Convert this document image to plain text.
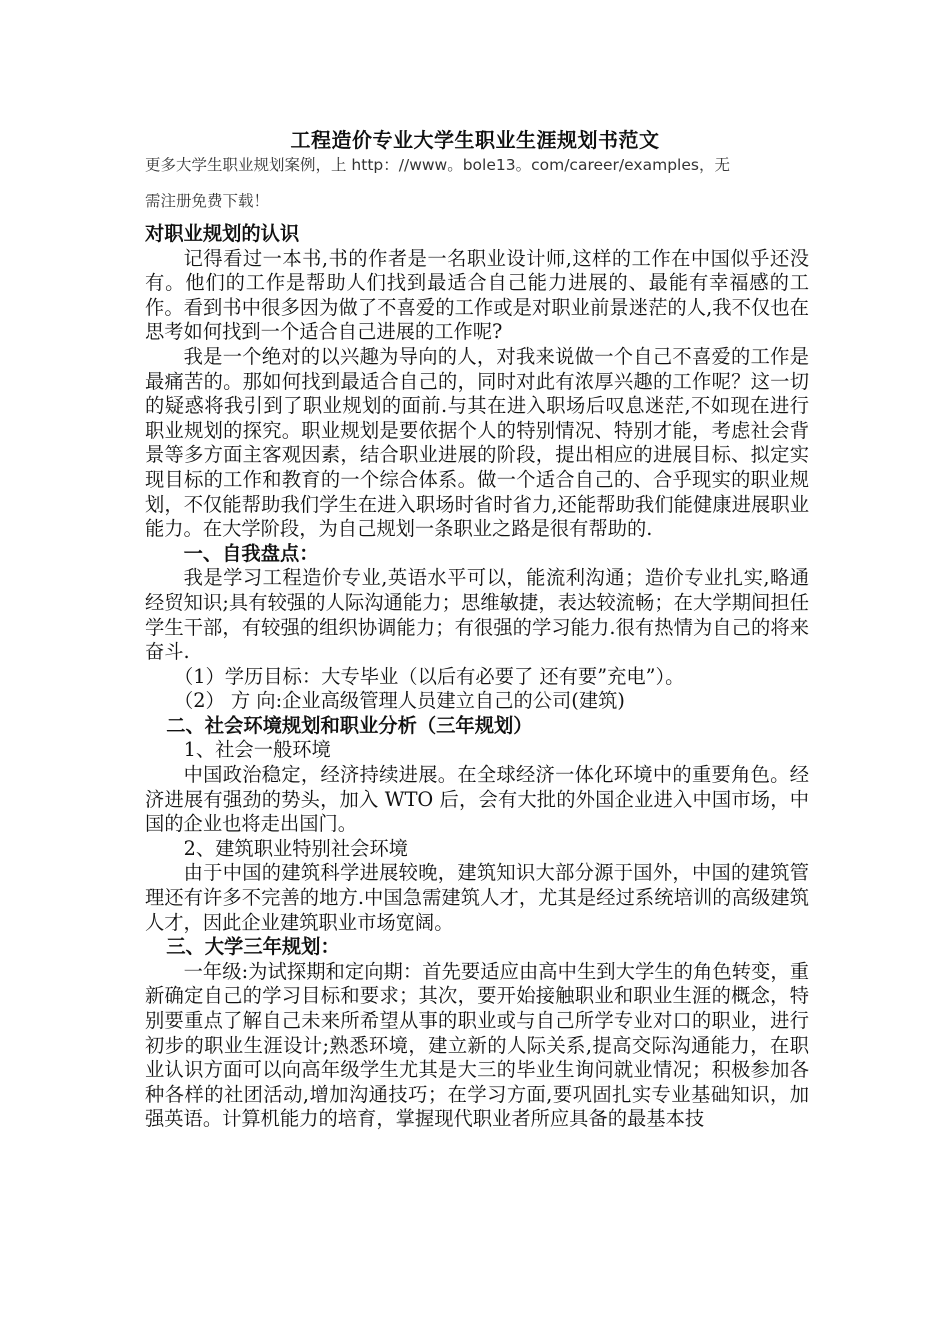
工程造价专业大学生职业生涯规划书范文
更多大学生职业规划案例，上 http：//www。bole13。com/career/examples，无
需注册免费下载！

对职业规划的认识

记得看过一本书,书的作者是一名职业设计师,这样的工作在中国似乎还没有。他们的工作是帮助人们找到最适合自己能力进展的、最能有幸福感的工作。看到书中很多因为做了不喜爱的工作或是对职业前景迷茫的人,我不仅也在思考如何找到一个适合自己进展的工作呢?

我是一个绝对的以兴趣为导向的人，对我来说做一个自己不喜爱的工作是最痛苦的。那如何找到最适合自己的，同时对此有浓厚兴趣的工作呢？这一切的疑惑将我引到了职业规划的面前.与其在进入职场后叹息迷茫,不如现在进行职业规划的探究。职业规划是要依据个人的特别情况、特别才能，考虑社会背景等多方面主客观因素，结合职业进展的阶段，提出相应的进展目标、拟定实现目标的工作和教育的一个综合体系。做一个适合自己的、合乎现实的职业规划，不仅能帮助我们学生在进入职场时省时省力,还能帮助我们能健康进展职业能力。在大学阶段，为自己规划一条职业之路是很有帮助的.

一、自我盘点：

我是学习工程造价专业,英语水平可以，能流利沟通；造价专业扎实,略通经贸知识;具有较强的人际沟通能力；思维敏捷，表达较流畅；在大学期间担任学生干部，有较强的组织协调能力；有很强的学习能力.很有热情为自己的将来奋斗.

（1）学历目标：大专毕业（以后有必要了 还有要”充电”）。

（2） 方 向:企业高级管理人员建立自己的公司(建筑)

二、社会环境规划和职业分析（三年规划）

1、社会一般环境

中国政治稳定，经济持续进展。在全球经济一体化环境中的重要角色。经济进展有强劲的势头，加入 WTO 后，会有大批的外国企业进入中国市场，中国的企业也将走出国门。

2、建筑职业特别社会环境

由于中国的建筑科学进展较晚，建筑知识大部分源于国外，中国的建筑管理还有许多不完善的地方.中国急需建筑人才，尤其是经过系统培训的高级建筑人才，因此企业建筑职业市场宽阔。

三、大学三年规划：

一年级:为试探期和定向期：首先要适应由高中生到大学生的角色转变，重新确定自己的学习目标和要求；其次，要开始接触职业和职业生涯的概念，特别要重点了解自己未来所希望从事的职业或与自己所学专业对口的职业，进行初步的职业生涯设计;熟悉环境，建立新的人际关系,提高交际沟通能力，在职业认识方面可以向高年级学生尤其是大三的毕业生询问就业情况；积极参加各种各样的社团活动,增加沟通技巧；在学习方面,要巩固扎实专业基础知识，加强英语。计算机能力的培育，掌握现代职业者所应具备的最基本技
